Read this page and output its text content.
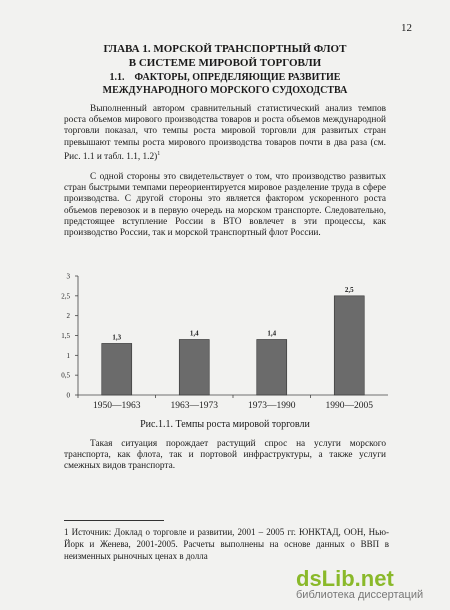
12
ГЛАВА 1. МОРСКОЙ ТРАНСПОРТНЫЙ ФЛОТ
В СИСТЕМЕ МИРОВОЙ ТОРГОВЛИ
1.1.    ФАКТОРЫ, ОПРЕДЕЛЯЮЩИЕ РАЗВИТИЕ
МЕЖДУНАРОДНОГО МОРСКОГО СУДОХОДСТВА
Выполненный автором сравнительный статистический анализ темпов роста объемов мирового производства товаров и роста объемов международной торговли показал, что темпы роста мировой торговли для развитых стран превышают темпы роста мирового производства товаров почти в два раза (см. Рис. 1.1 и табл. 1.1, 1.2)$^1$
С одной стороны это свидетельствует о том, что производство развитых стран быстрыми темпами переориентируется мировое разделение труда в сфере производства. С другой стороны это является фактором ускоренного роста объемов перевозок и в первую очередь на морском транспорте. Следовательно, предстоящее вступление России в ВТО вовлечет в эти процессы, как производство России, так и морской транспортный флот России.
0
0,5
1
1,5
2
2,5
3
1,3
1950—1963
1,4
1963—1973
1,4
1973—1990
2,5
1990—2005
Рис.1.1. Темпы роста мировой торговли
Такая ситуация порождает растущий спрос на услуги морского транспорта, как флота, так и портовой инфраструктуры, а также услуги смежных видов транспорта.
1 Источник: Доклад о торговле и развитии, 2001 – 2005 гг. ЮНКТАД, ООН, Нью-Йорк и Женева, 2001-2005. Расчеты выполнены на основе данных о ВВП в неизменных рыночных ценах в долла
dsLib.net
библиотека диссертаций
